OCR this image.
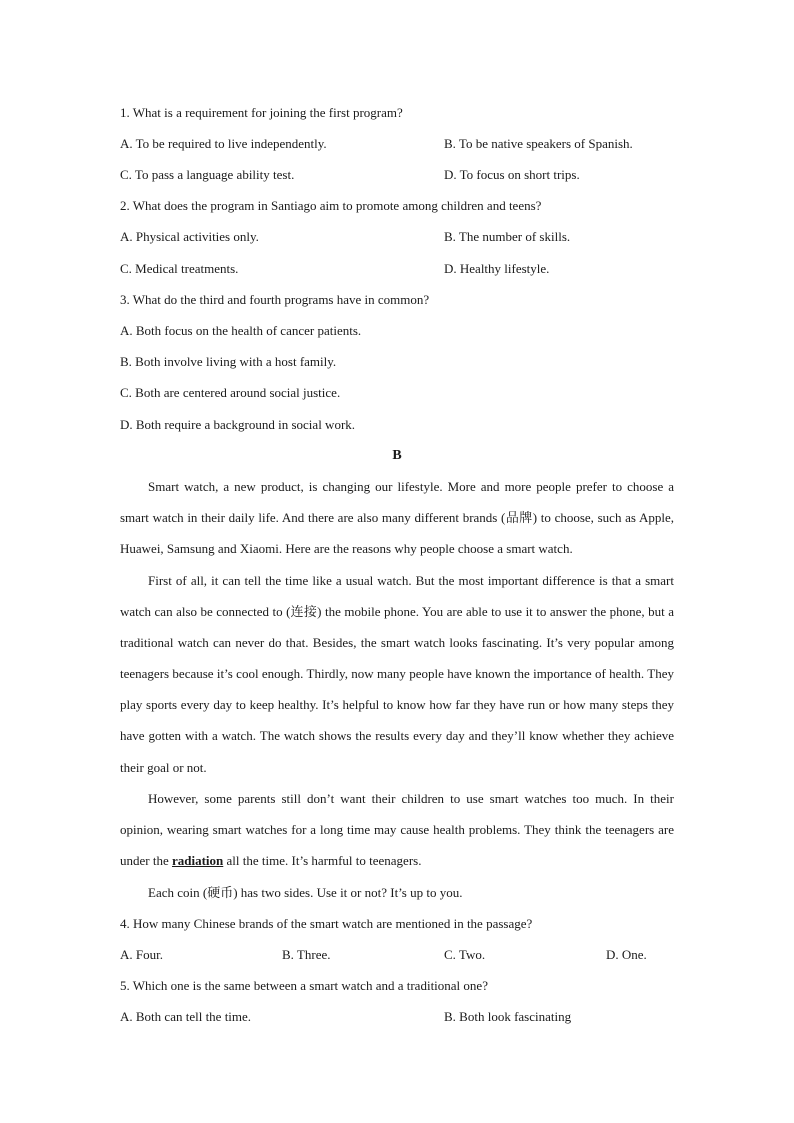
1. What is a requirement for joining the first program?
A. To be required to live independently.	B. To be native speakers of Spanish.
C. To pass a language ability test.	D. To focus on short trips.
2. What does the program in Santiago aim to promote among children and teens?
A. Physical activities only.	B. The number of skills.
C. Medical treatments.	D. Healthy lifestyle.
3. What do the third and fourth programs have in common?
A. Both focus on the health of cancer patients.
B. Both involve living with a host family.
C. Both are centered around social justice.
D. Both require a background in social work.
B

Smart watch, a new product, is changing our lifestyle. More and more people prefer to choose a smart watch in their daily life. And there are also many different brands (品牌) to choose, such as Apple, Huawei, Samsung and Xiaomi. Here are the reasons why people choose a smart watch.

First of all, it can tell the time like a usual watch. But the most important difference is that a smart watch can also be connected to (连接) the mobile phone. You are able to use it to answer the phone, but a traditional watch can never do that. Besides, the smart watch looks fascinating. It’s very popular among teenagers because it’s cool enough. Thirdly, now many people have known the importance of health. They play sports every day to keep healthy. It’s helpful to know how far they have run or how many steps they have gotten with a watch. The watch shows the results every day and they’ll know whether they achieve their goal or not.

However, some parents still don’t want their children to use smart watches too much. In their opinion, wearing smart watches for a long time may cause health problems. They think the teenagers are under the radiation all the time. It’s harmful to teenagers.

Each coin (硬币) has two sides. Use it or not? It’s up to you.

4. How many Chinese brands of the smart watch are mentioned in the passage?
A. Four.	B. Three.	C. Two.	D. One.
5. Which one is the same between a smart watch and a traditional one?
A. Both can tell the time.	B. Both look fascinating
